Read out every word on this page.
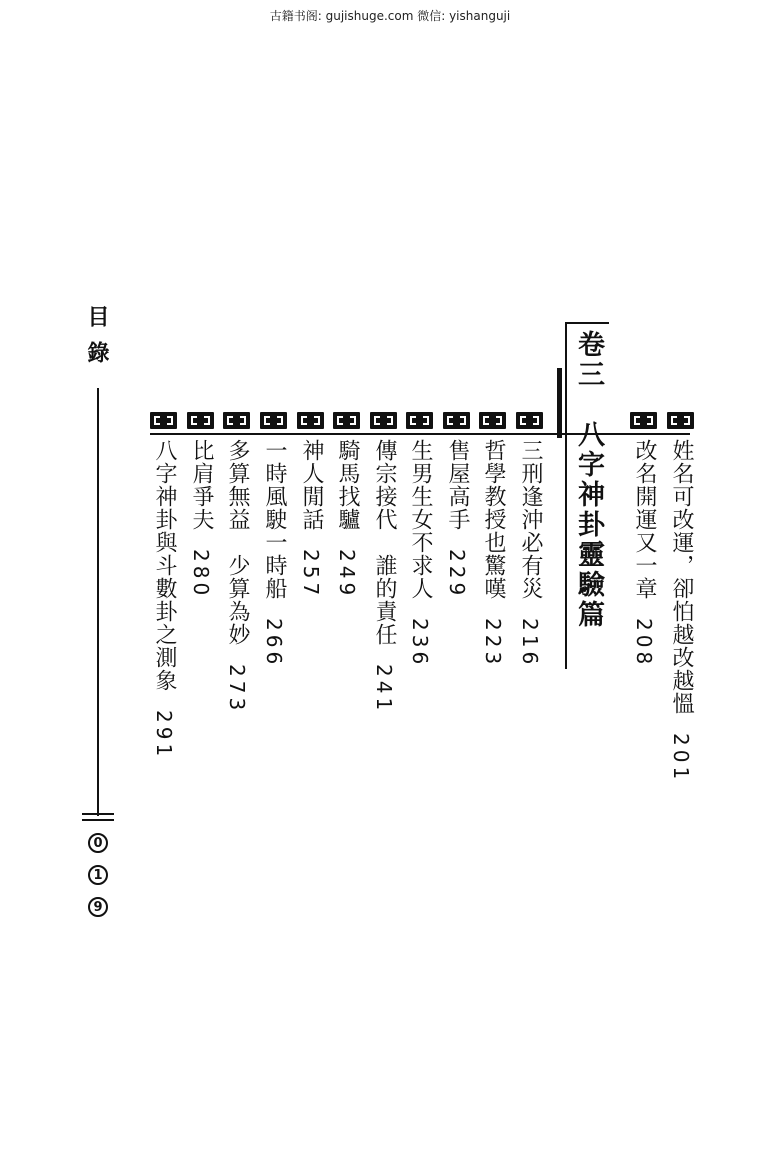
古籍书阁: gujishuge.com 微信: yishanguji
目錄
0
1
9
卷三　八字神卦靈驗篇	姓名可改運，卻怕越改越慍201
改名開運又一章208
三刑逢沖必有災216
哲學教授也驚嘆223
售屋高手229
生男生女不求人236
傳宗接代　誰的責任241
騎馬找驢249
神人閒話257
一時風駛一時船266
多算無益　少算為妙273
比肩爭夫280
八字神卦與斗數卦之測象291
